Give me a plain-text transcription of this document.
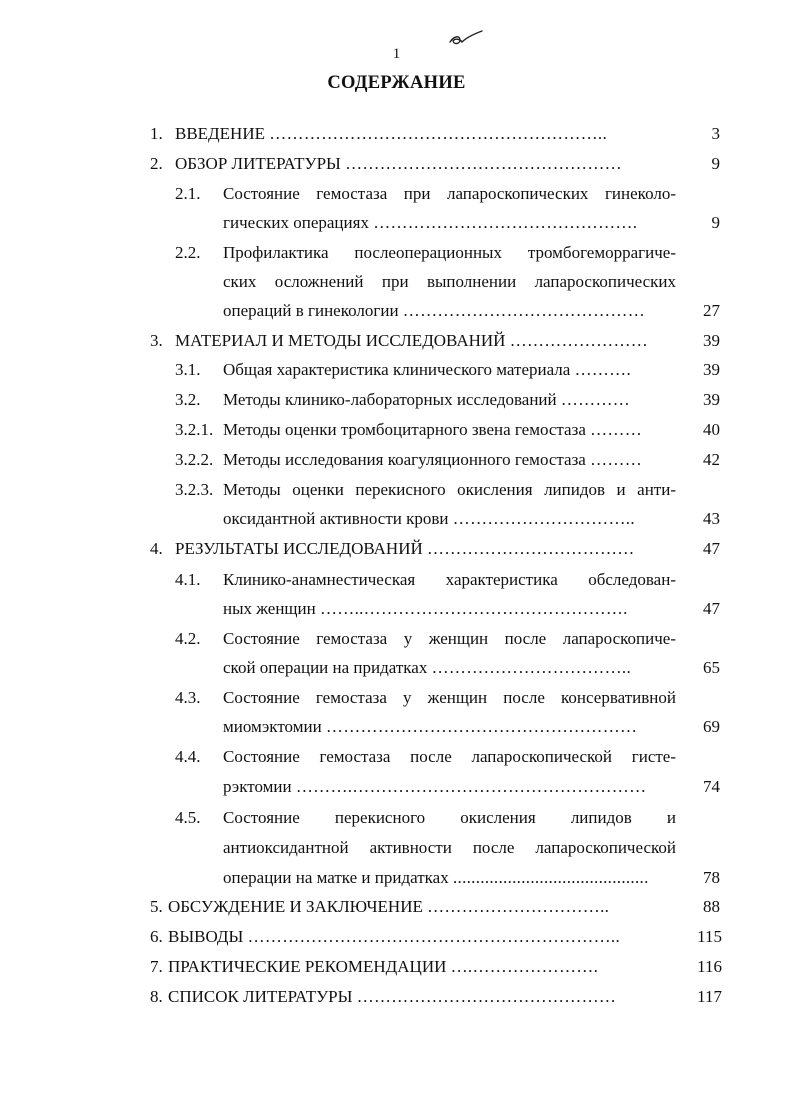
1
СОДЕРЖАНИЕ
1. ВВЕДЕНИЕ …………………………………………………..	3
2. ОБЗОР ЛИТЕРАТУРЫ …………………………………………	9
2.1. Состояние гемостаза при лапароскопических гинеколо-
гических операциях ……………………………………….	9
2.2. Профилактика послеоперационных тромбогеморрагиче-
ских осложнений при выполнении лапароскопических
операций в гинекологии ……………………………………	27
3. МАТЕРИАЛ И МЕТОДЫ ИССЛЕДОВАНИЙ ……………………	39
3.1. Общая характеристика клинического материала ……….	39
3.2. Методы клинико-лабораторных исследований …………	39
3.2.1. Методы оценки тромбоцитарного звена гемостаза ………	40
3.2.2. Методы исследования коагуляционного гемостаза ………	42
3.2.3. Методы оценки перекисного окисления липидов и анти-
оксидантной активности крови …………………………..	43
4. РЕЗУЛЬТАТЫ ИССЛЕДОВАНИЙ ………………………………	47
4.1. Клинико-анамнестическая характеристика обследован-
ных женщин ……..……………………………………….	47
4.2. Состояние гемостаза у женщин после лапароскопиче-
ской операции на придатках ……………………………..	65
4.3. Состояние гемостаза у женщин после консервативной
миомэктомии ………………………………………………	69
4.4. Состояние гемостаза после лапароскопической гисте-
рэктомии ……….……………………………………………	74
4.5. Состояние перекисного окисления липидов и
антиоксидантной активности после лапароскопической
операции на матке и придатках ...........................................	78
5. ОБСУЖДЕНИЕ И ЗАКЛЮЧЕНИЕ …………………………..	88
6. ВЫВОДЫ ………………………………………………………..	115
7. ПРАКТИЧЕСКИЕ РЕКОМЕНДАЦИИ ….………………….	116
8. СПИСОК ЛИТЕРАТУРЫ ………………………………………	117
